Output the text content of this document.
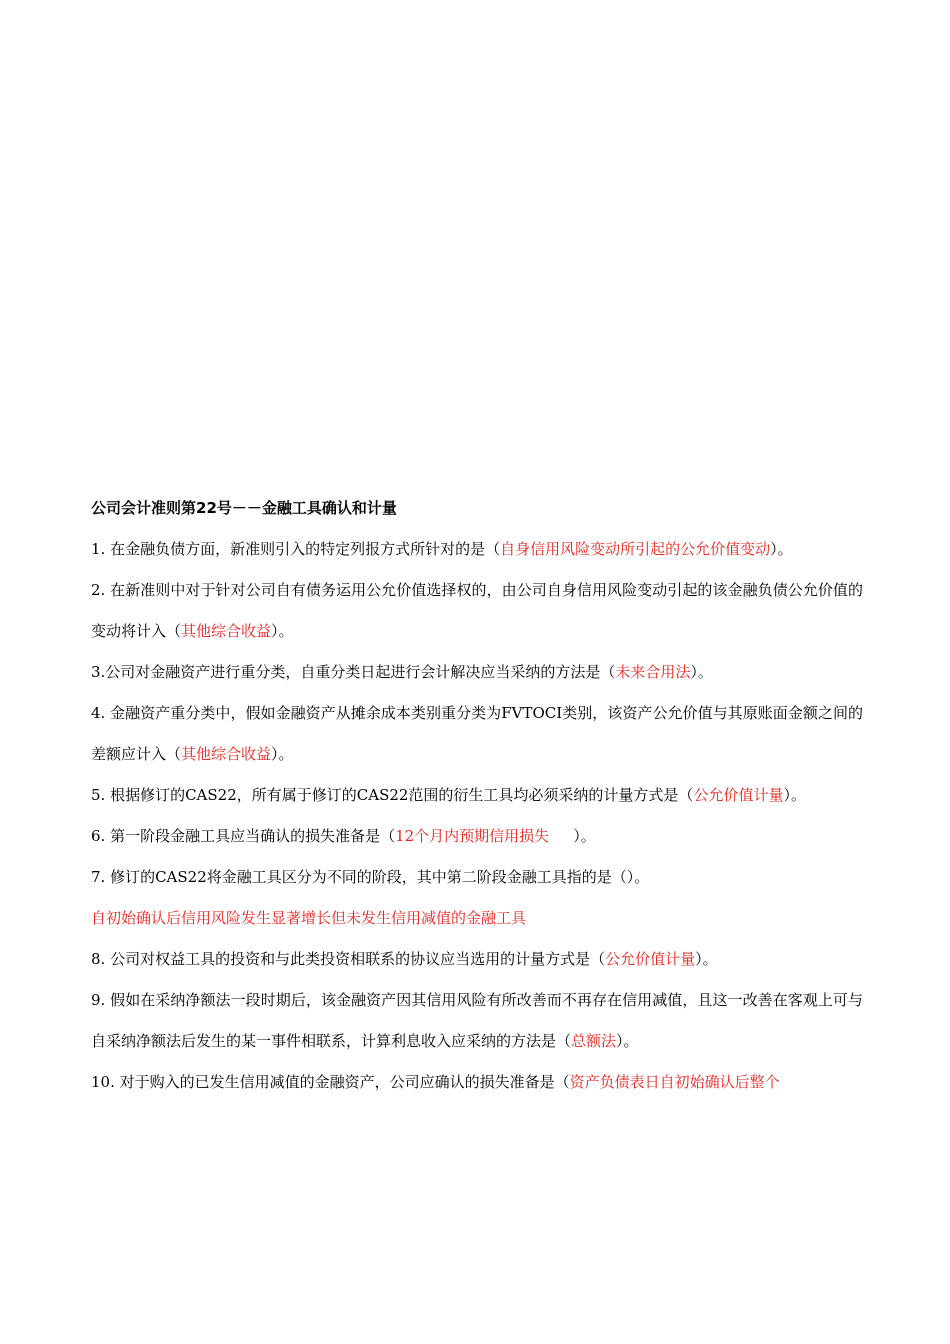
公司会计准则第22号－－金融工具确认和计量

1. 在金融负债方面，新准则引入的特定列报方式所针对的是（自身信用风险变动所引起的公允价值变动）。

2. 在新准则中对于针对公司自有债务运用公允价值选择权的，由公司自身信用风险变动引起的该金融负债公允价值的变动将计入（其他综合收益）。

3.公司对金融资产进行重分类，自重分类日起进行会计解决应当采纳的方法是（未来合用法）。

4. 金融资产重分类中，假如金融资产从摊余成本类别重分类为FVTOCI类别，该资产公允价值与其原账面金额之间的差额应计入（其他综合收益）。

5. 根据修订的CAS22，所有属于修订的CAS22范围的衍生工具均必须采纳的计量方式是（公允价值计量）。

6. 第一阶段金融工具应当确认的损失准备是（12个月内预期信用损失 ）。

7. 修订的CAS22将金融工具区分为不同的阶段，其中第二阶段金融工具指的是（）。

自初始确认后信用风险发生显著增长但未发生信用减值的金融工具

8. 公司对权益工具的投资和与此类投资相联系的协议应当选用的计量方式是（公允价值计量）。

9. 假如在采纳净额法一段时期后，该金融资产因其信用风险有所改善而不再存在信用减值，且这一改善在客观上可与自采纳净额法后发生的某一事件相联系，计算利息收入应采纳的方法是（总额法）。

10. 对于购入的已发生信用减值的金融资产，公司应确认的损失准备是（资产负债表日自初始确认后整个
